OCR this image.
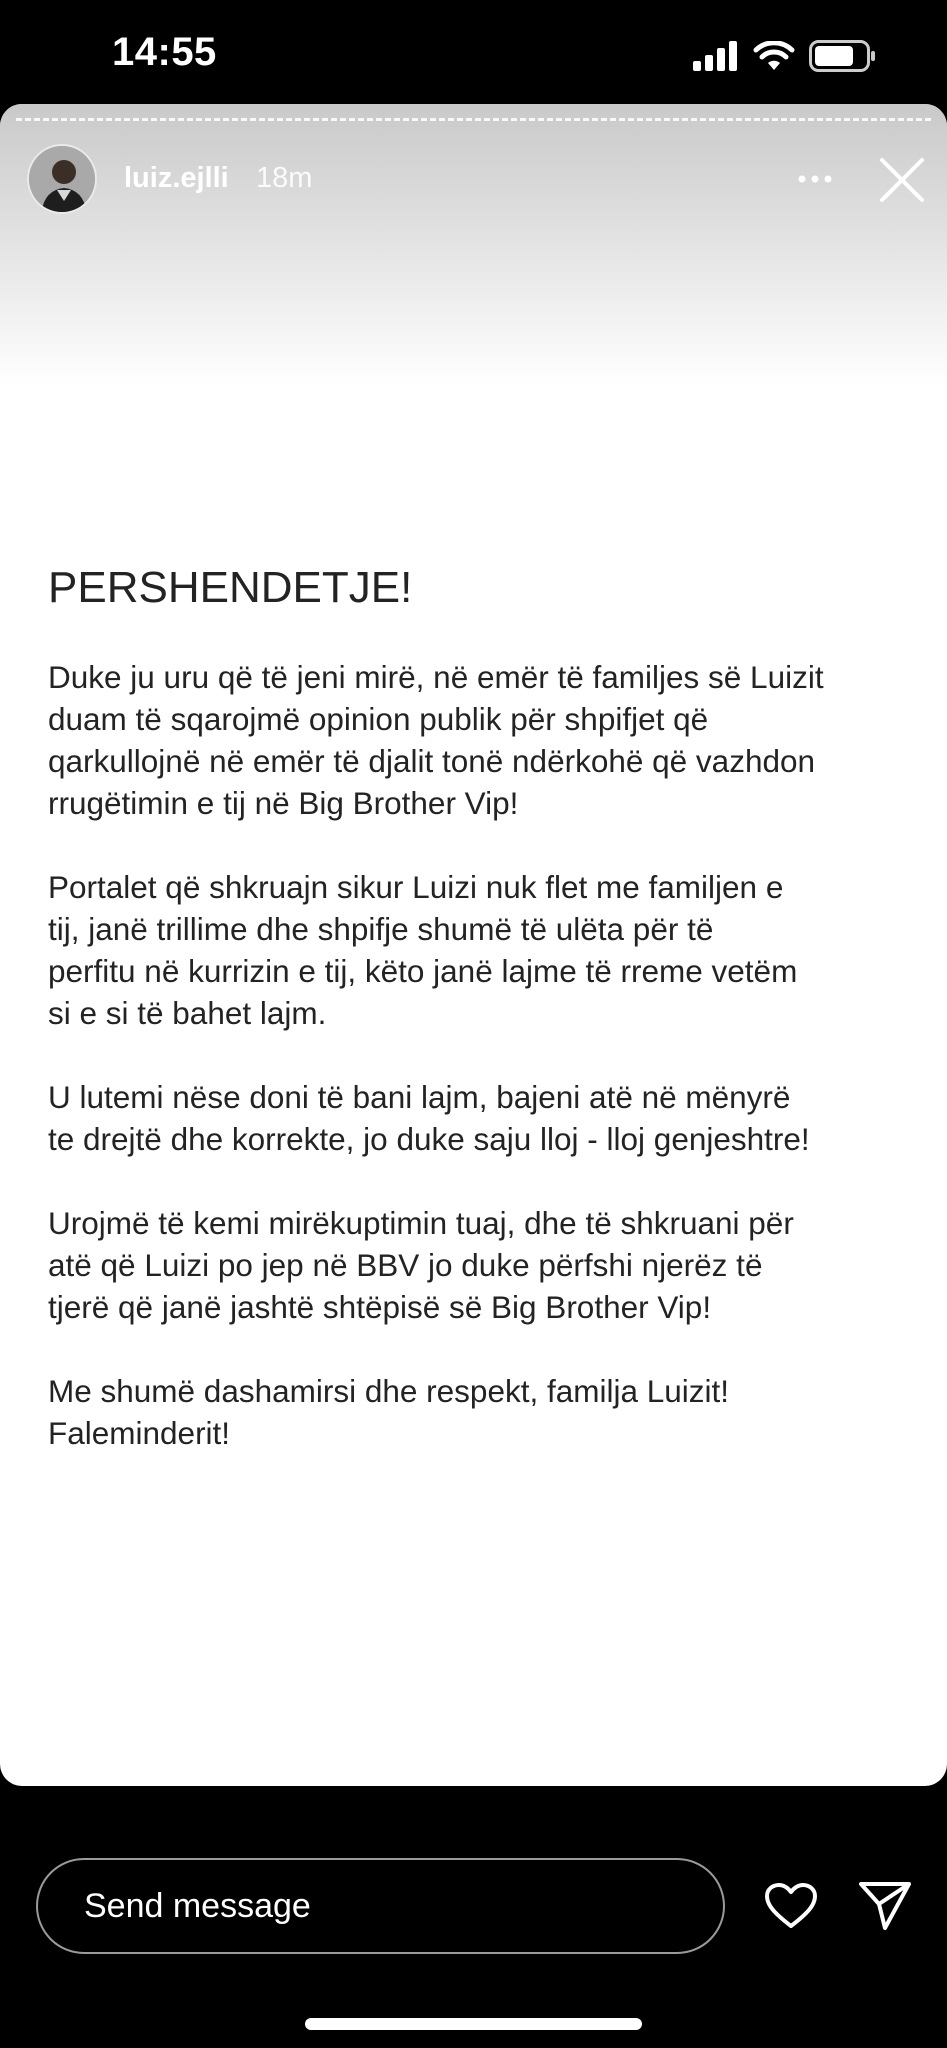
14:55
luiz.ejlli 18m
PERSHENDETJE!

Duke ju uru që të jeni mirë, në emër të familjes së Luizit
duam të sqarojmë opinion publik për shpifjet që
qarkullojnë në emër të djalit tonë ndërkohë që vazhdon
rrugëtimin e tij në Big Brother Vip!

Portalet që shkruajn sikur Luizi nuk flet me familjen e
tij, janë trillime dhe shpifje shumë të ulëta për të
perfitu në kurrizin e tij, këto janë lajme të rreme vetëm
si e si të bahet lajm.

U lutemi nëse doni të bani lajm, bajeni atë në mënyrë
te drejtë dhe korrekte, jo duke saju lloj - lloj genjeshtre!

Urojmë të kemi mirëkuptimin tuaj, dhe të shkruani për
atë që Luizi po jep në BBV jo duke përfshi njerëz të
tjerë që janë jashtë shtëpisë së Big Brother Vip!

Me shumë dashamirsi dhe respekt, familja Luizit!
Faleminderit!

Send message
